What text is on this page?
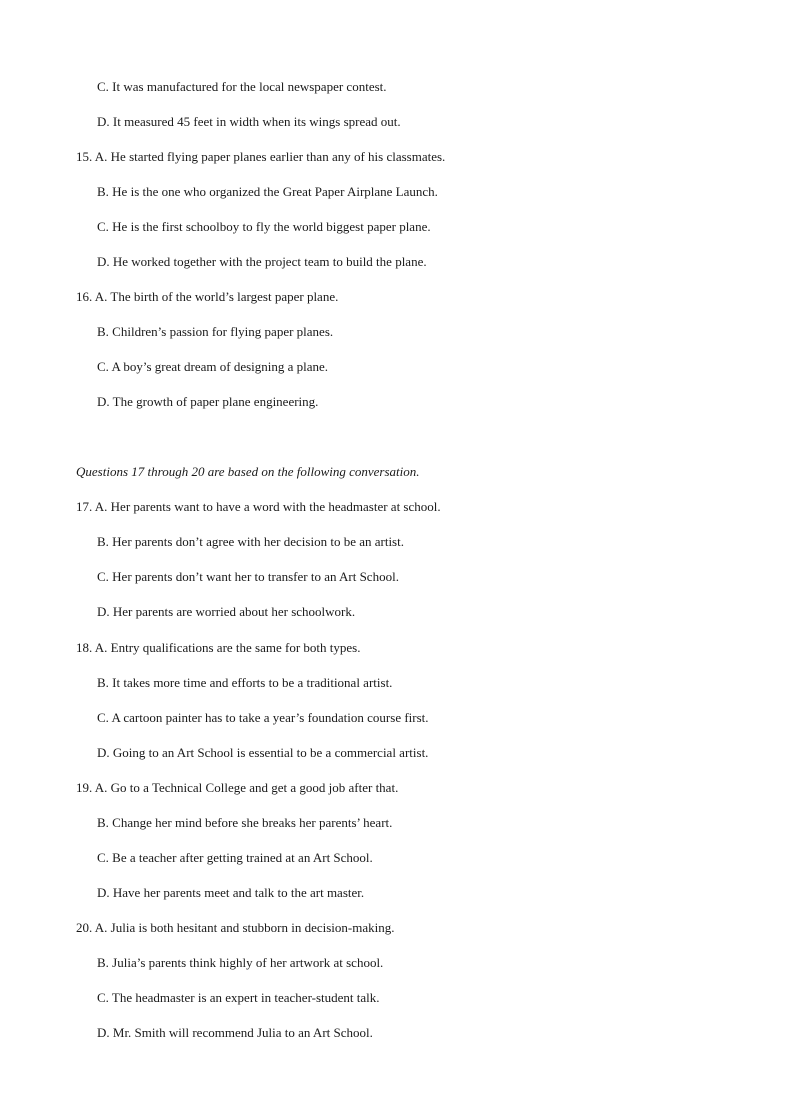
C. It was manufactured for the local newspaper contest.
D. It measured 45 feet in width when its wings spread out.
15. A. He started flying paper planes earlier than any of his classmates.
B. He is the one who organized the Great Paper Airplane Launch.
C. He is the first schoolboy to fly the world biggest paper plane.
D. He worked together with the project team to build the plane.
16. A. The birth of the world’s largest paper plane.
B. Children’s passion for flying paper planes.
C. A boy’s great dream of designing a plane.
D. The growth of paper plane engineering.
Questions 17 through 20 are based on the following conversation.
17. A. Her parents want to have a word with the headmaster at school.
B. Her parents don’t agree with her decision to be an artist.
C. Her parents don’t want her to transfer to an Art School.
D. Her parents are worried about her schoolwork.
18. A. Entry qualifications are the same for both types.
B. It takes more time and efforts to be a traditional artist.
C. A cartoon painter has to take a year’s foundation course first.
D. Going to an Art School is essential to be a commercial artist.
19. A. Go to a Technical College and get a good job after that.
B. Change her mind before she breaks her parents’ heart.
C. Be a teacher after getting trained at an Art School.
D. Have her parents meet and talk to the art master.
20. A. Julia is both hesitant and stubborn in decision-making.
B. Julia’s parents think highly of her artwork at school.
C. The headmaster is an expert in teacher-student talk.
D. Mr. Smith will recommend Julia to an Art School.
